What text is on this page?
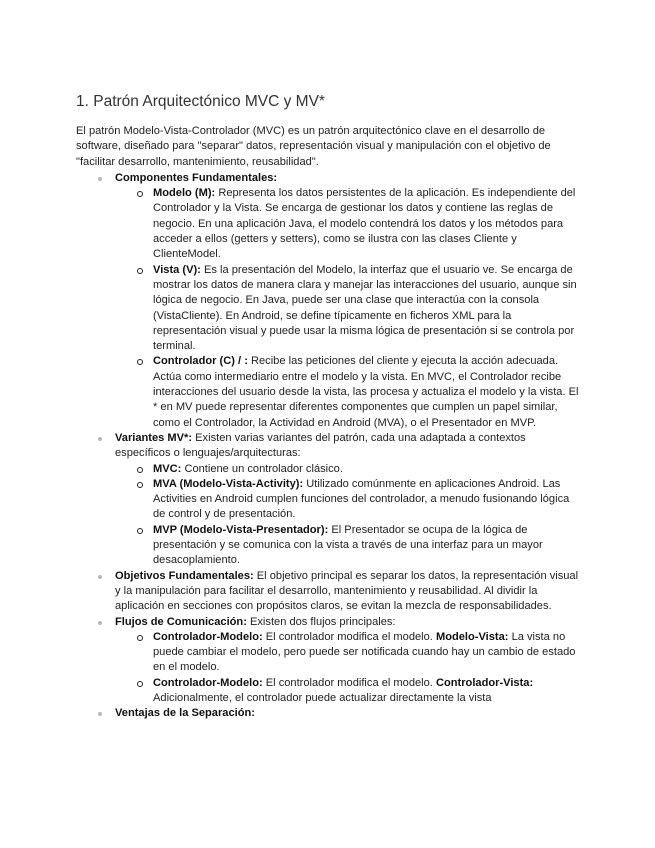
1. Patrón Arquitectónico MVC y MV*

El patrón Modelo-Vista-Controlador (MVC) es un patrón arquitectónico clave en el desarrollo de software, diseñado para "separar" datos, representación visual y manipulación con el objetivo de "facilitar desarrollo, mantenimiento, reusabilidad".

Componentes Fundamentales:
Modelo (M): Representa los datos persistentes de la aplicación. Es independiente del Controlador y la Vista. Se encarga de gestionar los datos y contiene las reglas de negocio. En una aplicación Java, el modelo contendrá los datos y los métodos para acceder a ellos (getters y setters), como se ilustra con las clases Cliente y ClienteModel.
Vista (V): Es la presentación del Modelo, la interfaz que el usuario ve. Se encarga de mostrar los datos de manera clara y manejar las interacciones del usuario, aunque sin lógica de negocio. En Java, puede ser una clase que interactúa con la consola (VistaCliente). En Android, se define típicamente en ficheros XML para la representación visual y puede usar la misma lógica de presentación si se controla por terminal.
Controlador (C) / : Recibe las peticiones del cliente y ejecuta la acción adecuada. Actúa como intermediario entre el modelo y la vista. En MVC, el Controlador recibe interacciones del usuario desde la vista, las procesa y actualiza el modelo y la vista. El * en MV puede representar diferentes componentes que cumplen un papel similar, como el Controlador, la Actividad en Android (MVA), o el Presentador en MVP.
Variantes MV*: Existen varias variantes del patrón, cada una adaptada a contextos específicos o lenguajes/arquitecturas:
MVC: Contiene un controlador clásico.
MVA (Modelo-Vista-Activity): Utilizado comúnmente en aplicaciones Android. Las Activities en Android cumplen funciones del controlador, a menudo fusionando lógica de control y de presentación.
MVP (Modelo-Vista-Presentador): El Presentador se ocupa de la lógica de presentación y se comunica con la vista a través de una interfaz para un mayor desacoplamiento.
Objetivos Fundamentales: El objetivo principal es separar los datos, la representación visual y la manipulación para facilitar el desarrollo, mantenimiento y reusabilidad. Al dividir la aplicación en secciones con propósitos claros, se evitan la mezcla de responsabilidades.
Flujos de Comunicación: Existen dos flujos principales:
Controlador-Modelo: El controlador modifica el modelo. Modelo-Vista: La vista no puede cambiar el modelo, pero puede ser notificada cuando hay un cambio de estado en el modelo.
Controlador-Modelo: El controlador modifica el modelo. Controlador-Vista: Adicionalmente, el controlador puede actualizar directamente la vista
Ventajas de la Separación:
